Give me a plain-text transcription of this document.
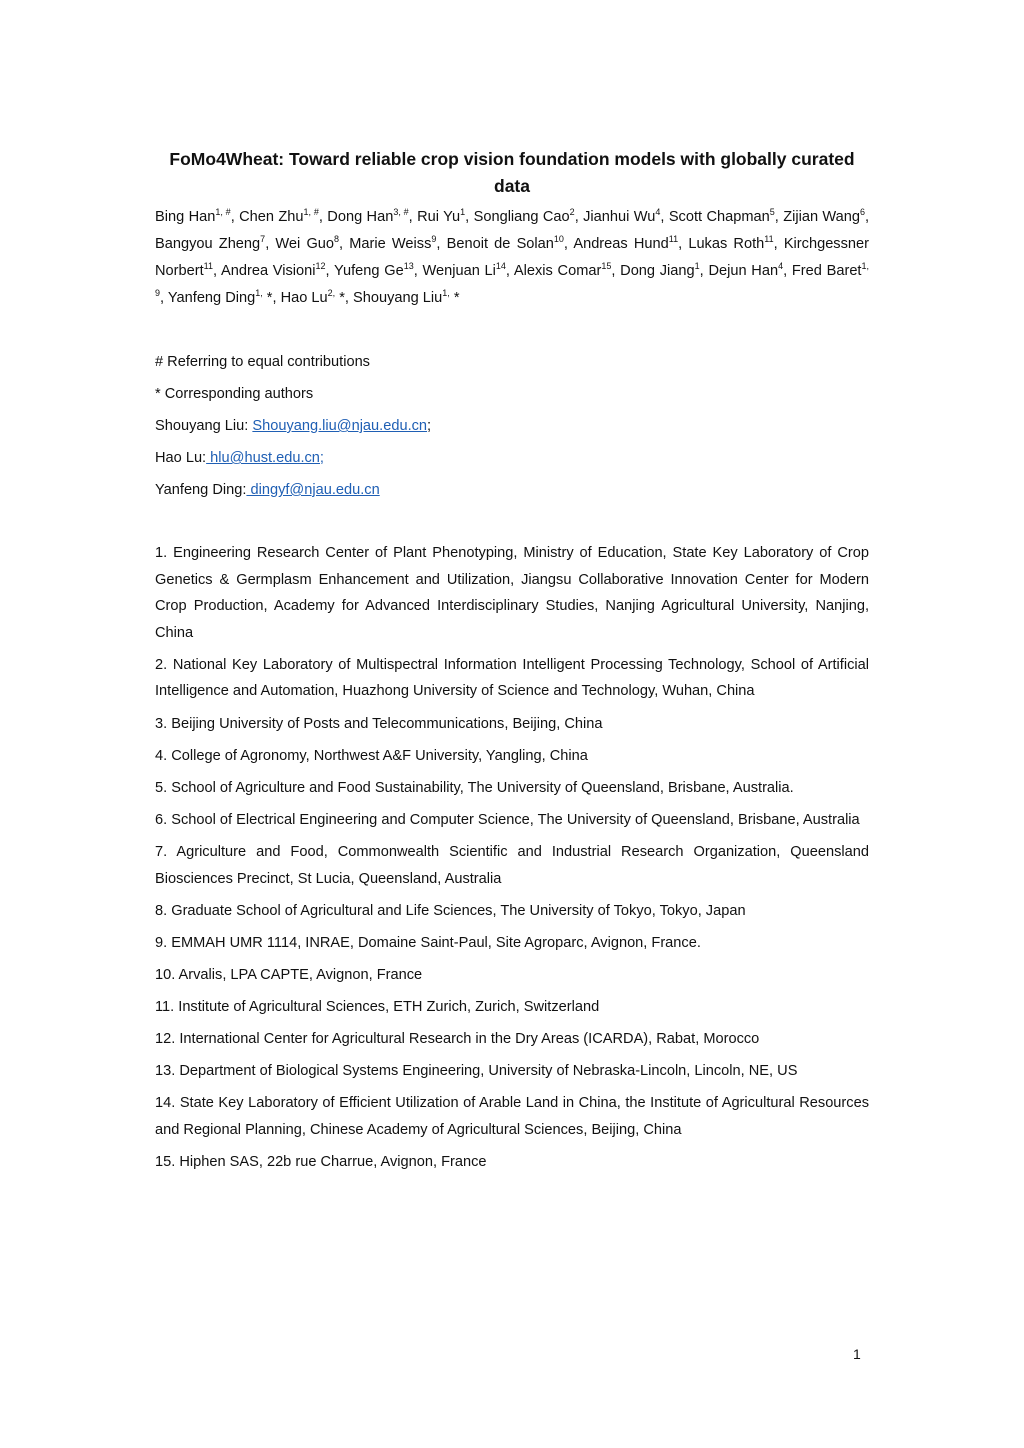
FoMo4Wheat: Toward reliable crop vision foundation models with globally curated data
Bing Han$^{1, \#}$, Chen Zhu$^{1, \#}$, Dong Han$^{3, \#}$, Rui Yu$^1$, Songliang Cao$^2$, Jianhui Wu$^4$, Scott Chapman$^5$, Zijian Wang$^6$, Bangyou Zheng$^7$, Wei Guo$^8$, Marie Weiss$^9$, Benoit de Solan$^{10}$, Andreas Hund$^{11}$, Lukas Roth$^{11}$, Kirchgessner Norbert$^{11}$, Andrea Visioni$^{12}$, Yufeng Ge$^{13}$, Wenjuan Li$^{14}$, Alexis Comar$^{15}$, Dong Jiang$^1$, Dejun Han$^4$, Fred Baret$^{1, 9}$, Yanfeng Ding$^{1,}$ *, Hao $Lu^{2,}$ *, Shouyang Liu$^{1,}$ *
# Referring to equal contributions
* Corresponding authors
Shouyang Liu: Shouyang.liu@njau.edu.cn;
Hao Lu: hlu@hust.edu.cn;
Yanfeng Ding: dingyf@njau.edu.cn

1. Engineering Research Center of Plant Phenotyping, Ministry of Education, State Key Laboratory of Crop Genetics & Germplasm Enhancement and Utilization, Jiangsu Collaborative Innovation Center for Modern Crop Production, Academy for Advanced Interdisciplinary Studies, Nanjing Agricultural University, Nanjing, China

2. National Key Laboratory of Multispectral Information Intelligent Processing Technology, School of Artificial Intelligence and Automation, Huazhong University of Science and Technology, Wuhan, China

3. Beijing University of Posts and Telecommunications, Beijing, China

4. College of Agronomy, Northwest A&F University, Yangling, China

5. School of Agriculture and Food Sustainability, The University of Queensland, Brisbane, Australia.

6. School of Electrical Engineering and Computer Science, The University of Queensland, Brisbane, Australia

7. Agriculture and Food, Commonwealth Scientific and Industrial Research Organization, Queensland Biosciences Precinct, St Lucia, Queensland, Australia

8. Graduate School of Agricultural and Life Sciences, The University of Tokyo, Tokyo, Japan

9. EMMAH UMR 1114, INRAE, Domaine Saint-Paul, Site Agroparc, Avignon, France.

10. Arvalis, LPA CAPTE, Avignon, France

11. Institute of Agricultural Sciences, ETH Zurich, Zurich, Switzerland

12. International Center for Agricultural Research in the Dry Areas (ICARDA), Rabat, Morocco

13. Department of Biological Systems Engineering, University of Nebraska-Lincoln, Lincoln, NE, US

14. State Key Laboratory of Efficient Utilization of Arable Land in China, the Institute of Agricultural Resources and Regional Planning, Chinese Academy of Agricultural Sciences, Beijing, China

15. Hiphen SAS, 22b rue Charrue, Avignon, France

1
